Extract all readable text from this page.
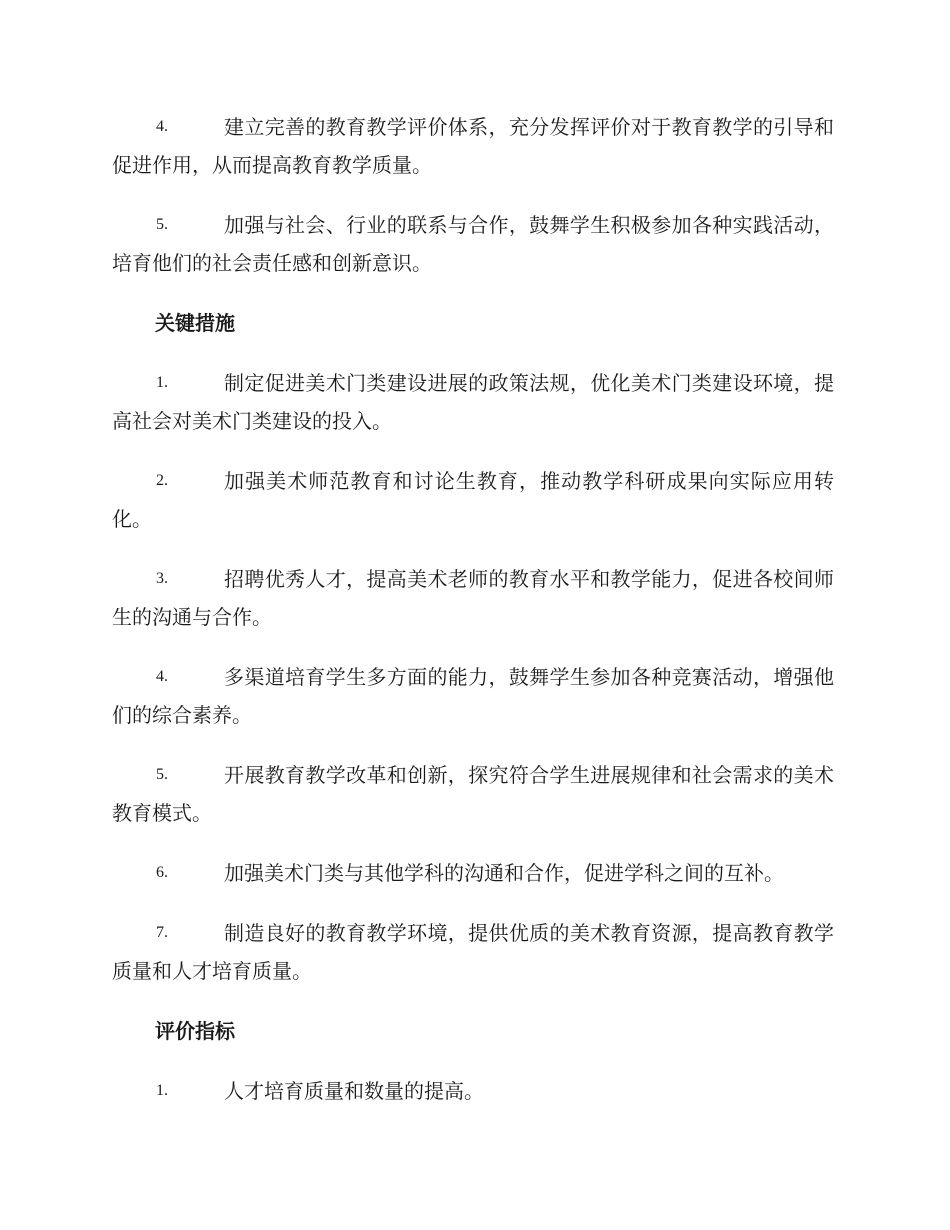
4.	建立完善的教育教学评价体系，充分发挥评价对于教育教学的引导和促进作用，从而提高教育教学质量。
5.	加强与社会、行业的联系与合作，鼓舞学生积极参加各种实践活动，培育他们的社会责任感和创新意识。
关键措施
1.	制定促进美术门类建设进展的政策法规，优化美术门类建设环境，提高社会对美术门类建设的投入。
2.	加强美术师范教育和讨论生教育，推动教学科研成果向实际应用转化。
3.	招聘优秀人才，提高美术老师的教育水平和教学能力，促进各校间师生的沟通与合作。
4.	多渠道培育学生多方面的能力，鼓舞学生参加各种竞赛活动，增强他们的综合素养。
5.	开展教育教学改革和创新，探究符合学生进展规律和社会需求的美术教育模式。
6.	加强美术门类与其他学科的沟通和合作，促进学科之间的互补。
7.	制造良好的教育教学环境，提供优质的美术教育资源，提高教育教学质量和人才培育质量。
评价指标
1.	人才培育质量和数量的提高。
